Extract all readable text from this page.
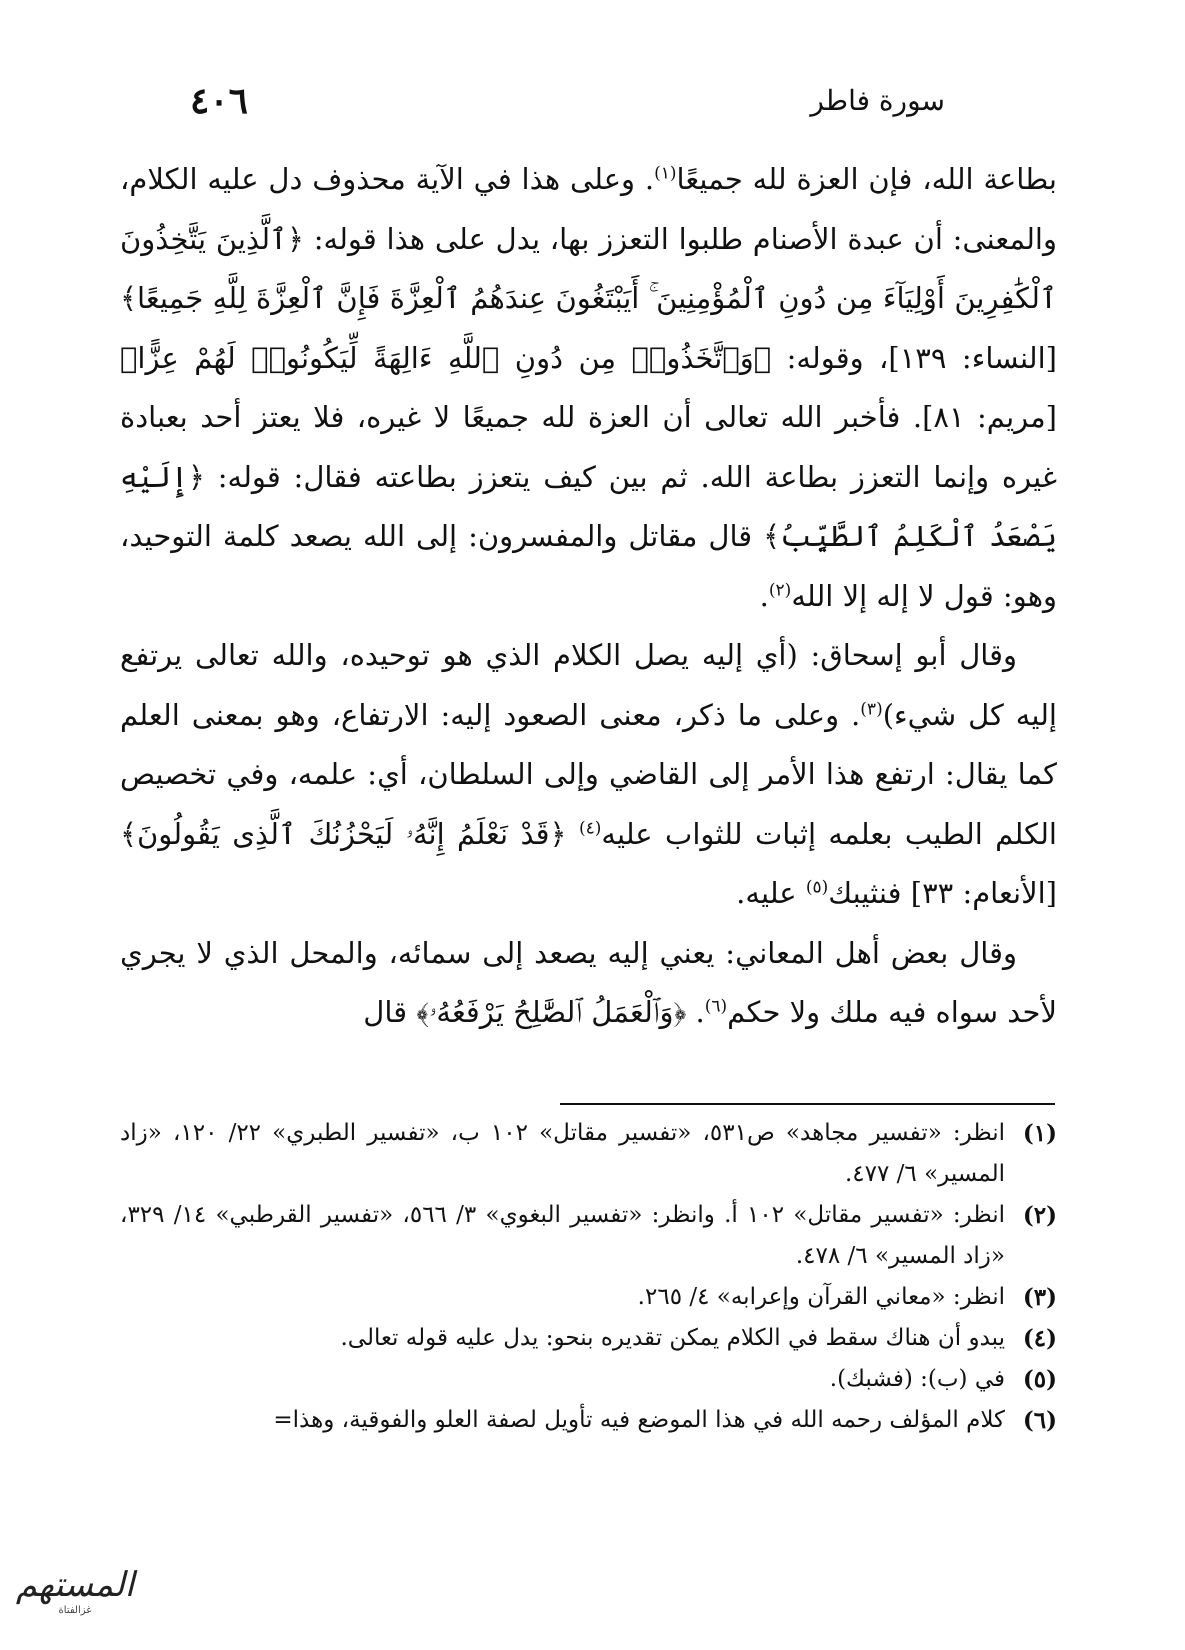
٤٠٦	سورة فاطر

بطاعة الله، فإن العزة لله جميعًا$^{(١)}$. وعلى هذا في الآية محذوف دل عليه الكلام، والمعنى: أن عبدة الأصنام طلبوا التعزز بها، يدل على هذا قوله: ﴿ٱلَّذِينَ يَتَّخِذُونَ ٱلْكَٰفِرِينَ أَوْلِيَآءَ مِن دُونِ ٱلْمُؤْمِنِينَ ۚ أَيَبْتَغُونَ عِندَهُمُ ٱلْعِزَّةَ فَإِنَّ ٱلْعِزَّةَ لِلَّهِ جَمِيعًا﴾ [النساء: ١٣٩]، وقوله: ﴿وَٱتَّخَذُوا۟ مِن دُونِ ٱللَّهِ ءَالِهَةً لِّيَكُونُوا۟ لَهُمْ عِزًّا﴾ [مريم: ٨١]. فأخبر الله تعالى أن العزة لله جميعًا لا غيره، فلا يعتز أحد بعبادة غيره وإنما التعزز بطاعة الله. ثم بين كيف يتعزز بطاعته فقال: قوله: ﴿إِلَيْهِ يَصْعَدُ ٱلْكَلِمُ ٱلطَّيِّبُ﴾ قال مقاتل والمفسرون: إلى الله يصعد كلمة التوحيد، وهو: قول لا إله إلا الله$^{(٢)}$.

وقال أبو إسحاق: (أي إليه يصل الكلام الذي هو توحيده، والله تعالى يرتفع إليه كل شيء)$^{(٣)}$. وعلى ما ذكر، معنى الصعود إليه: الارتفاع، وهو بمعنى العلم كما يقال: ارتفع هذا الأمر إلى القاضي وإلى السلطان، أي: علمه، وفي تخصيص الكلم الطيب بعلمه إثبات للثواب عليه$^{(٤)}$ ﴿قَدْ نَعْلَمُ إِنَّهُۥ لَيَحْزُنُكَ ٱلَّذِى يَقُولُونَ﴾ [الأنعام: ٣٣] فنثيبك$^{(٥)}$ عليه.

وقال بعض أهل المعاني: يعني إليه يصعد إلى سمائه، والمحل الذي لا يجري لأحد سواه فيه ملك ولا حكم$^{(٦)}$. ﴿وَٱلْعَمَلُ ٱلصَّٰلِحُ يَرْفَعُهُۥ﴾ قال

(١)
انظر: «تفسير مجاهد» ص٥٣١، «تفسير مقاتل» ١٠٢ ب، «تفسير الطبري» ٢٢/ ١٢٠، «زاد المسير» ٦/ ٤٧٧.
(٢)
انظر: «تفسير مقاتل» ١٠٢ أ. وانظر: «تفسير البغوي» ٣/ ٥٦٦، «تفسير القرطبي» ١٤/ ٣٢٩، «زاد المسير» ٦/ ٤٧٨.
(٣)
انظر: «معاني القرآن وإعرابه» ٤/ ٢٦٥.
(٤)
يبدو أن هناك سقط في الكلام يمكن تقديره بنحو: يدل عليه قوله تعالى.
(٥)
في (ب): (فشبك).
(٦)
كلام المؤلف رحمه الله في هذا الموضع فيه تأويل لصفة العلو والفوقية، وهذا=
المستهم
غزالفتاة
